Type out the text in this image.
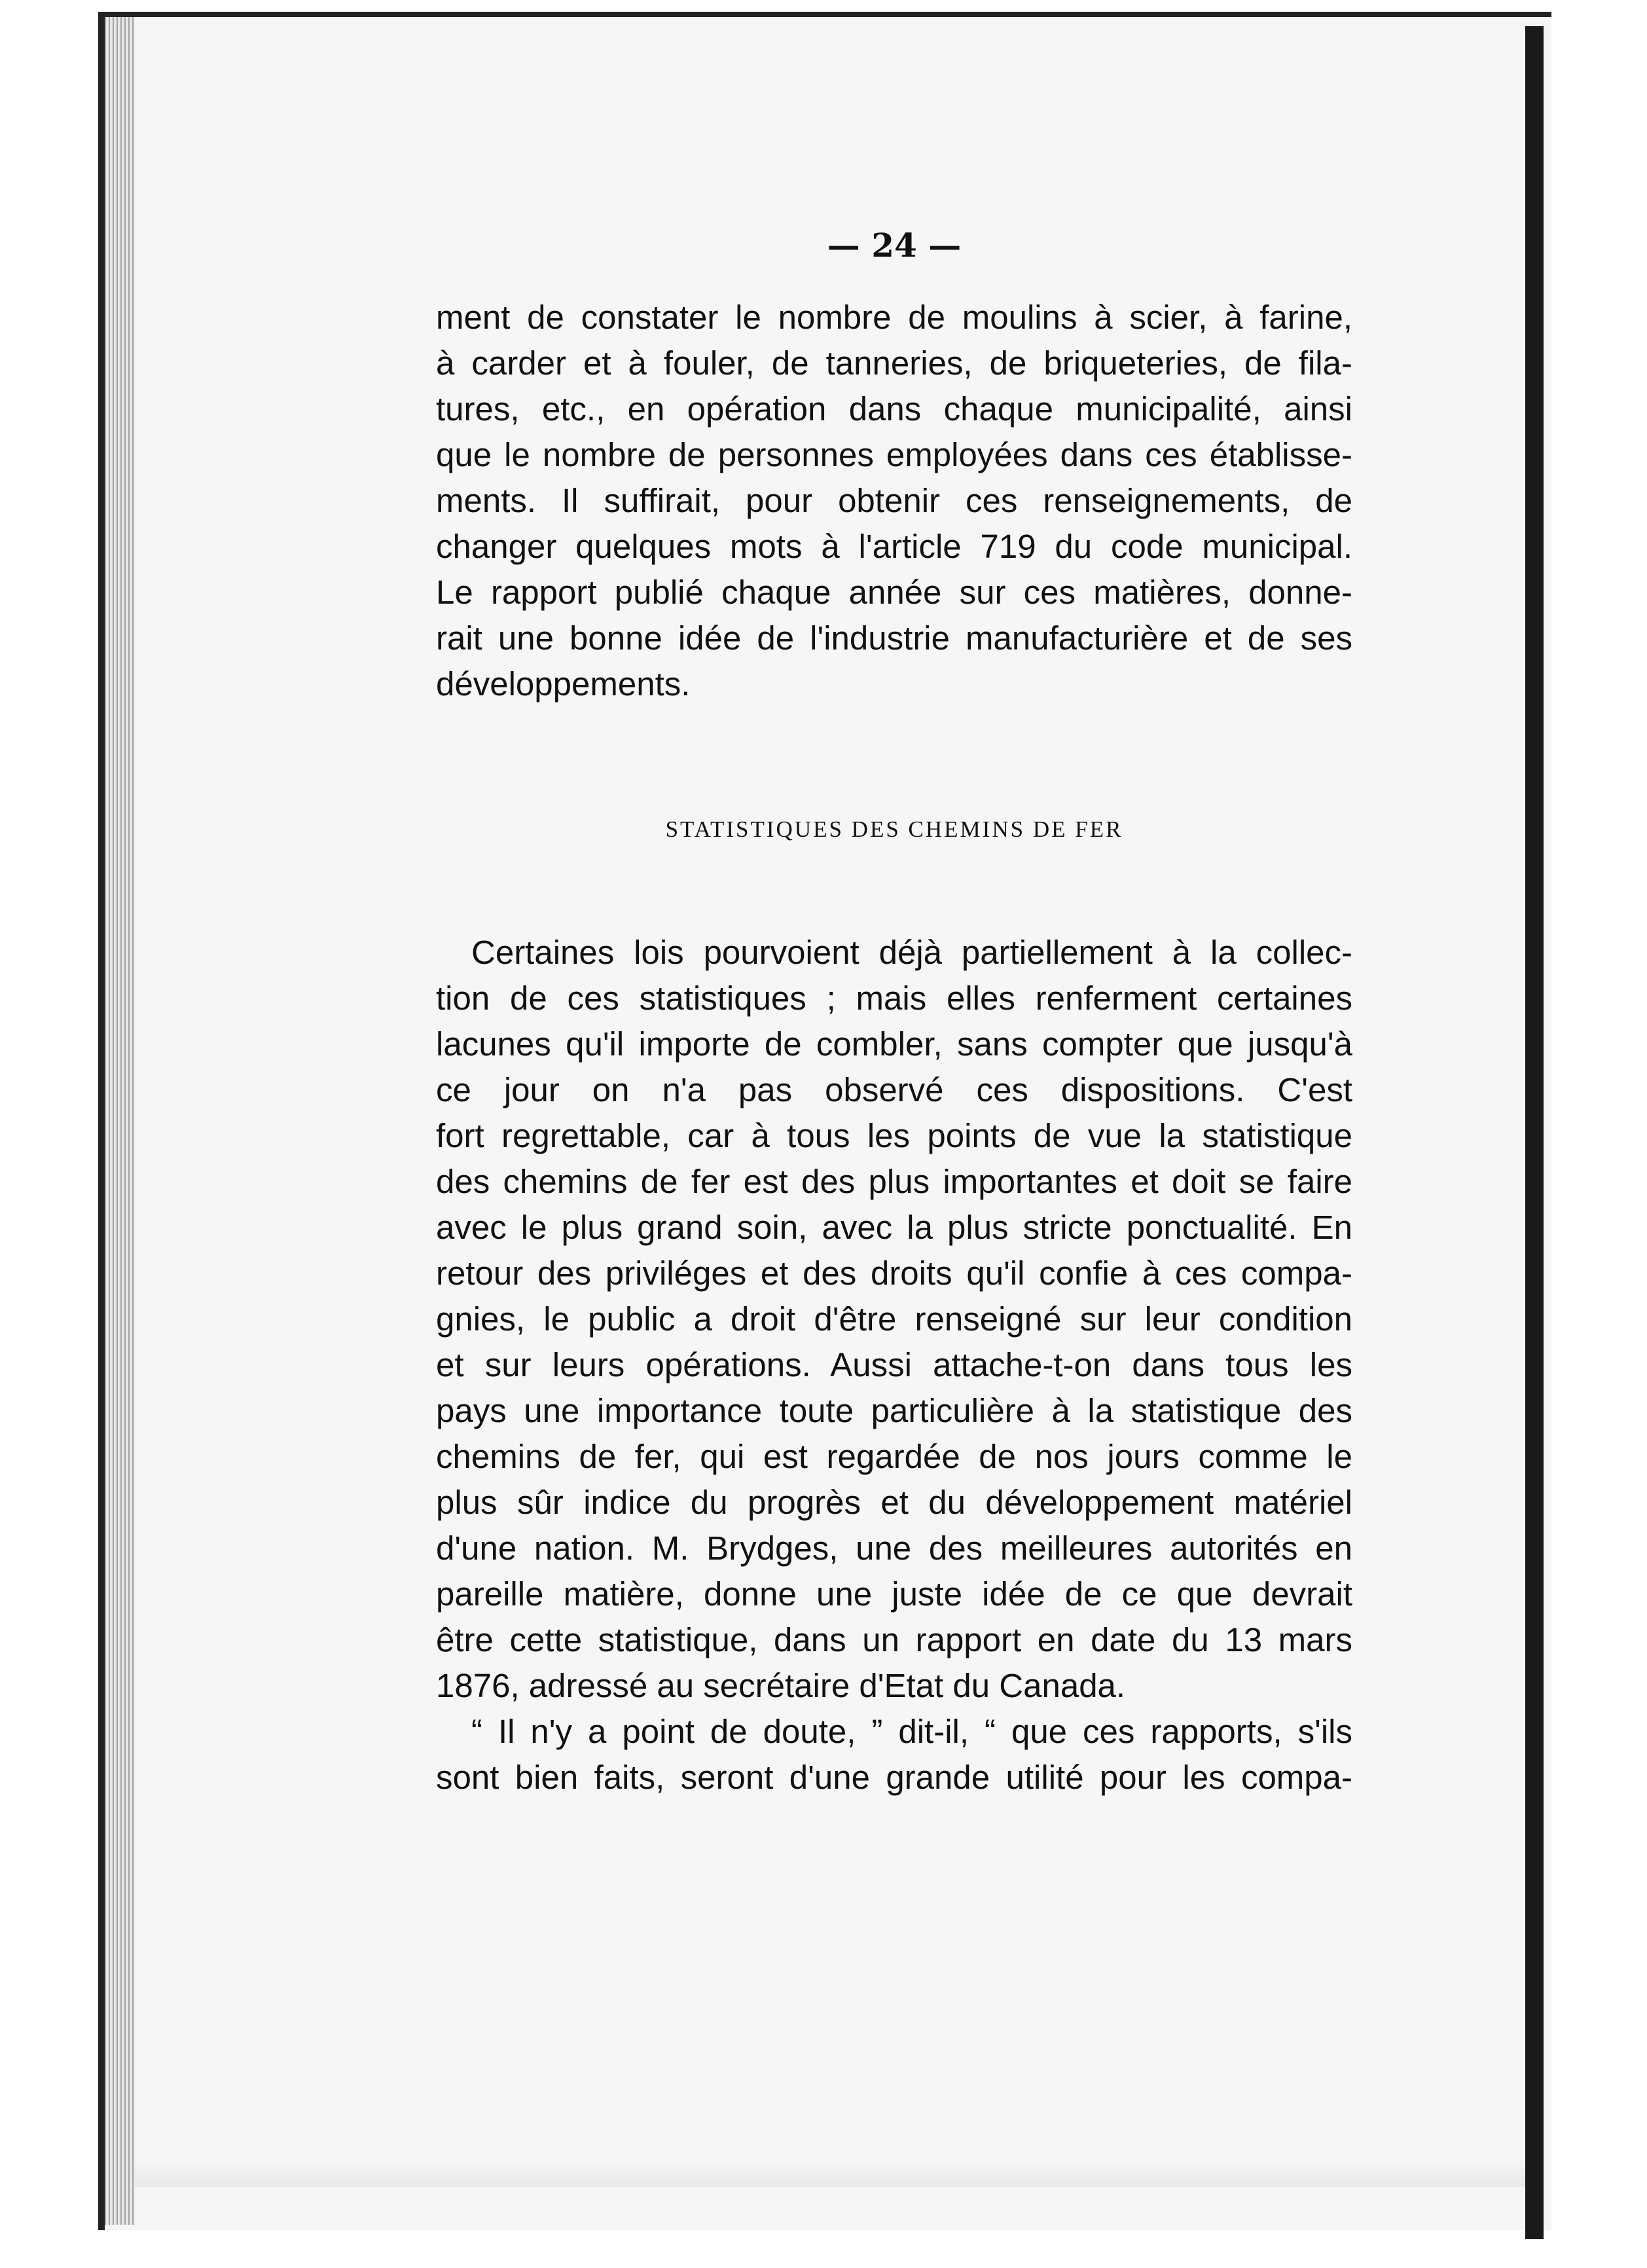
— 24 —
ment de constater le nombre de moulins à scier, à farine,
à carder et à fouler, de tanneries, de briqueteries, de fila-
tures, etc., en opération dans chaque municipalité, ainsi
que le nombre de personnes employées dans ces établisse-
ments. Il suffirait, pour obtenir ces renseignements, de
changer quelques mots à l'article 719 du code municipal.
Le rapport publié chaque année sur ces matières, donne-
rait une bonne idée de l'industrie manufacturière et de ses
développements.
STATISTIQUES DES CHEMINS DE FER
Certaines lois pourvoient déjà partiellement à la collec-
tion de ces statistiques ; mais elles renferment certaines
lacunes qu'il importe de combler, sans compter que jusqu'à
ce jour on n'a pas observé ces dispositions. C'est
fort regrettable, car à tous les points de vue la statistique
des chemins de fer est des plus importantes et doit se faire
avec le plus grand soin, avec la plus stricte ponctualité. En
retour des priviléges et des droits qu'il confie à ces compa-
gnies, le public a droit d'être renseigné sur leur condition
et sur leurs opérations. Aussi attache-t-on dans tous les
pays une importance toute particulière à la statistique des
chemins de fer, qui est regardée de nos jours comme le
plus sûr indice du progrès et du développement matériel
d'une nation. M. Brydges, une des meilleures autorités en
pareille matière, donne une juste idée de ce que devrait
être cette statistique, dans un rapport en date du 13 mars
1876, adressé au secrétaire d'Etat du Canada.
“ Il n'y a point de doute, ” dit-il, “ que ces rapports, s'ils
sont bien faits, seront d'une grande utilité pour les compa-
